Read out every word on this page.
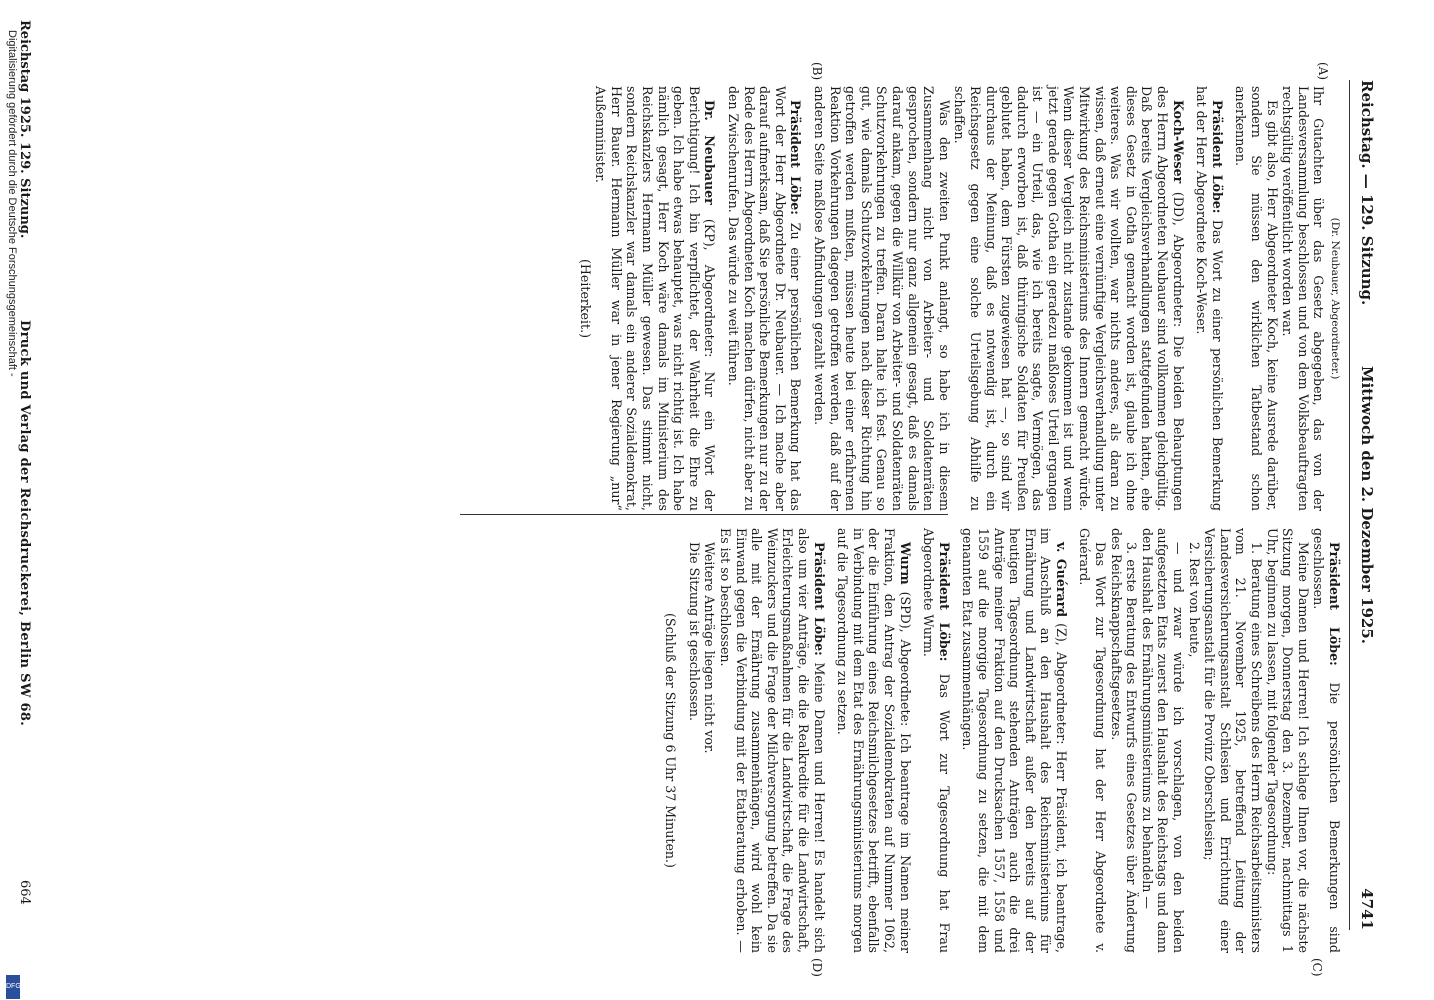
Reichstag. — 129. Sitzung.
Mittwoch den 2. Dezember 1925.
4741
(A)
(B)
(C)
(D)

(Dr. Neubauer, Abgeordneter.)

Ihr Gutachten über das Gesetz abgegeben, das von der Landesversammlung beschlossen und von dem Volksbeauftragten rechtsgültig veröffentlicht worden war.

Es gibt also, Herr Abgeordneter Koch, keine Ausrede darüber, sondern Sie müssen den wirklichen Tatbestand schon anerkennen.

Präsident Löbe: Das Wort zu einer persönlichen Bemerkung hat der Herr Abgeordnete Koch-Weser.

Koch-Weser (DD), Abgeordneter: Die beiden Behauptungen des Herrn Abgeordneten Neubauer sind vollkommen gleichgültig. Daß bereits Vergleichsverhandlungen stattgefunden hatten, ehe dieses Gesetz in Gotha gemacht worden ist, glaube ich ohne weiteres. Was wir wollten, war nichts anderes, als daran zu wissen, daß erneut eine vernünftige Vergleichsverhandlung unter Mitwirkung des Reichsministeriums des Innern gemacht würde. Wenn dieser Vergleich nicht zustande gekommen ist und wenn jetzt gerade gegen Gotha ein geradezu maßloses Urteil ergangen ist — ein Urteil, das, wie ich bereits sagte, Vermögen, das dadurch erworben ist, daß thüringische Soldaten für Preußen geblutet haben, dem Fürsten zugewiesen hat —, so sind wir durchaus der Meinung, daß es notwendig ist, durch ein Reichsgesetz gegen eine solche Urteilsgebung Abhilfe zu schaffen.

Was den zweiten Punkt anlangt, so habe ich in diesem Zusammenhang nicht von Arbeiter- und Soldatenräten gesprochen, sondern nur ganz allgemein gesagt, daß es damals darauf ankam, gegen die Willkür von Arbeiter- und Soldatenräten Schutzvorkehrungen zu treffen. Daran halte ich fest. Genau so gut, wie damals Schutzvorkehrungen nach dieser Richtung hin getroffen werden mußten, müssen heute bei einer erfahrenen Reaktion Vorkehrungen dagegen getroffen werden, daß auf der anderen Seite maßlose Abfindungen gezahlt werden.

Präsident Löbe: Zu einer persönlichen Bemerkung hat das Wort der Herr Abgeordnete Dr. Neubauer. — Ich mache aber darauf aufmerksam, daß Sie persönliche Bemerkungen nur zu der Rede des Herrn Abgeordneten Koch machen dürfen, nicht aber zu den Zwischenrufen. Das würde zu weit führen.

Dr. Neubauer (KP), Abgeordneter: Nur ein Wort der Berichtigung! Ich bin verpflichtet, der Wahrheit die Ehre zu geben. Ich habe etwas behauptet, was nicht richtig ist. Ich habe nämlich gesagt, Herr Koch wäre damals im Ministerium des Reichskanzlers Hermann Müller gewesen. Das stimmt nicht, sondern Reichskanzler war damals ein anderer Sozialdemokrat, Herr Bauer. Hermann Müller war in jener Regierung „nur“ Außenminister.

(Heiterkeit.)

Präsident Löbe: Die persönlichen Bemerkungen sind geschlossen.

Meine Damen und Herren! Ich schlage Ihnen vor, die nächste Sitzung morgen, Donnerstag den 3. Dezember, nachmittags 1 Uhr, beginnen zu lassen, mit folgender Tagesordnung:

1. Beratung eines Schreibens des Herrn Reichsarbeitsministers vom 21. November 1925, betreffend Leitung der Landesversicherungsanstalt Schlesien und Errichtung einer Versicherungsanstalt für die Provinz Oberschlesien;

2. Rest von heute,

— und zwar würde ich vorschlagen, von den beiden aufgesetzten Etats zuerst den Haushalt des Reichstags und dann den Haushalt des Ernährungsministeriums zu behandeln —

3. erste Beratung des Entwurfs eines Gesetzes über Änderung des Reichsknappschaftsgesetzes.

Das Wort zur Tagesordnung hat der Herr Abgeordnete v. Guérard.

v. Guérard (Z), Abgeordneter: Herr Präsident, ich beantrage, im Anschluß an den Haushalt des Reichsministeriums für Ernährung und Landwirtschaft außer den bereits auf der heutigen Tagesordnung stehenden Anträgen auch die drei Anträge meiner Fraktion auf den Drucksachen 1557, 1558 und 1559 auf die morgige Tagesordnung zu setzen, die mit dem genannten Etat zusammenhängen.

Präsident Löbe: Das Wort zur Tagesordnung hat Frau Abgeordnete Wurm.

Wurm (SPD), Abgeordnete: Ich beantrage im Namen meiner Fraktion, den Antrag der Sozialdemokraten auf Nummer 1062, der die Einführung eines Reichsmilchgesetzes betrifft, ebenfalls in Verbindung mit dem Etat des Ernährungsministeriums morgen auf die Tagesordnung zu setzen.

Präsident Löbe: Meine Damen und Herren! Es handelt sich also um vier Anträge, die die Realkredite für die Landwirtschaft, Erleichterungsmaßnahmen für die Landwirtschaft, die Frage des Weinzuckers und die Frage der Milchversorgung betreffen. Da sie alle mit der Ernährung zusammenhängen, wird wohl kein Einwand gegen die Verbindung mit der Etatberatung erhoben. — Es ist so beschlossen.

Weitere Anträge liegen nicht vor.

Die Sitzung ist geschlossen.

(Schluß der Sitzung 6 Uhr 37 Minuten.)

Reichstag 1925. 129. Sitzung.
Druck und Verlag der Reichsdruckerei, Berlin SW 68.
664
Digitalisierung gefördert durch die Deutsche Forschungsgemeinschaft -
DFG
